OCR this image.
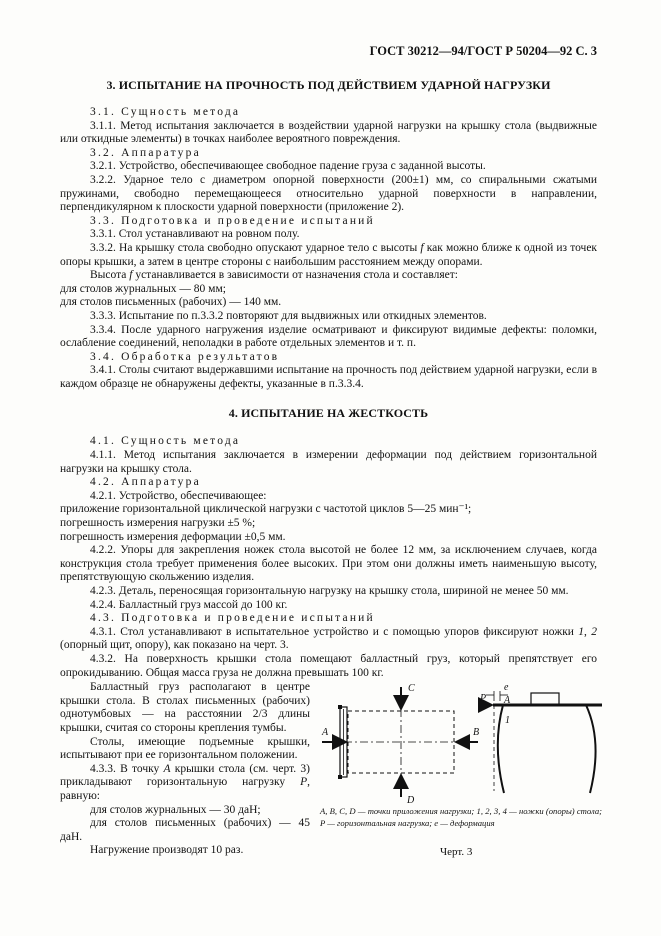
ГОСТ 30212—94/ГОСТ Р 50204—92 С. 3
3. ИСПЫТАНИЕ НА ПРОЧНОСТЬ ПОД ДЕЙСТВИЕМ УДАРНОЙ НАГРУЗКИ

3.1. Сущность метода

3.1.1. Метод испытания заключается в воздействии ударной нагрузки на крышку стола (выдвижные или откидные элементы) в точках наиболее вероятного повреждения.

3.2. Аппаратура

3.2.1. Устройство, обеспечивающее свободное падение груза с заданной высоты.

3.2.2. Ударное тело с диаметром опорной поверхности (200±1) мм, со спиральными сжатыми пружинами, свободно перемещающееся относительно ударной поверхности в направлении, перпендикулярном к плоскости ударной поверхности (приложение 2).

3.3. Подготовка и проведение испытаний

3.3.1. Стол устанавливают на ровном полу.

3.3.2. На крышку стола свободно опускают ударное тело с высоты f как можно ближе к одной из точек опоры крышки, а затем в центре стороны с наибольшим расстоянием между опорами.

Высота f устанавливается в зависимости от назначения стола и составляет:

для столов журнальных — 80 мм;

для столов письменных (рабочих) — 140 мм.

3.3.3. Испытание по п.3.3.2 повторяют для выдвижных или откидных элементов.

3.3.4. После ударного нагружения изделие осматривают и фиксируют видимые дефекты: поломки, ослабление соединений, неполадки в работе отдельных элементов и т. п.

3.4. Обработка результатов

3.4.1. Столы считают выдержавшими испытание на прочность под действием ударной нагрузки, если в каждом образце не обнаружены дефекты, указанные в п.3.3.4.

4. ИСПЫТАНИЕ НА ЖЕСТКОСТЬ

4.1. Сущность метода

4.1.1. Метод испытания заключается в измерении деформации под действием горизонтальной нагрузки на крышку стола.

4.2. Аппаратура

4.2.1. Устройство, обеспечивающее:

приложение горизонтальной циклической нагрузки с частотой циклов 5—25 мин⁻¹;

погрешность измерения нагрузки ±5 %;

погрешность измерения деформации ±0,5 мм.

4.2.2. Упоры для закрепления ножек стола высотой не более 12 мм, за исключением случаев, когда конструкция стола требует применения более высоких. При этом они должны иметь наименьшую высоту, препятствующую скольжению изделия.

4.2.3. Деталь, переносящая горизонтальную нагрузку на крышку стола, шириной не менее 50 мм.

4.2.4. Балластный груз массой до 100 кг.

4.3. Подготовка и проведение испытаний

4.3.1. Стол устанавливают в испытательное устройство и с помощью упоров фиксируют ножки 1, 2 (опорный щит, опору), как показано на черт. 3.

4.3.2. На поверхность крышки стола помещают балластный груз, который препятствует его опрокидыванию. Общая масса груза не должна превышать 100 кг.

Балластный груз располагают в центре крышки стола. В столах письменных (рабочих) однотумбовых — на расстоянии 2/3 длины крышки, считая со стороны крепления тумбы.

Столы, имеющие подъемные крышки, испытывают при ее горизонтальном положении.

4.3.3. В точку А крышки стола (см. черт. 3) прикладывают горизонтальную нагрузку Р, равную:

для столов журнальных — 30 даН;

для столов письменных (рабочих) — 45 даН.

Нагружение производят 10 раз.

C
D
A	B
e
P A
1
A, B, C, D — точки приложения нагрузки; 1, 2, 3, 4 — ножки (опоры) стола; P — горизонтальная нагрузка; e — деформация
Черт. 3
